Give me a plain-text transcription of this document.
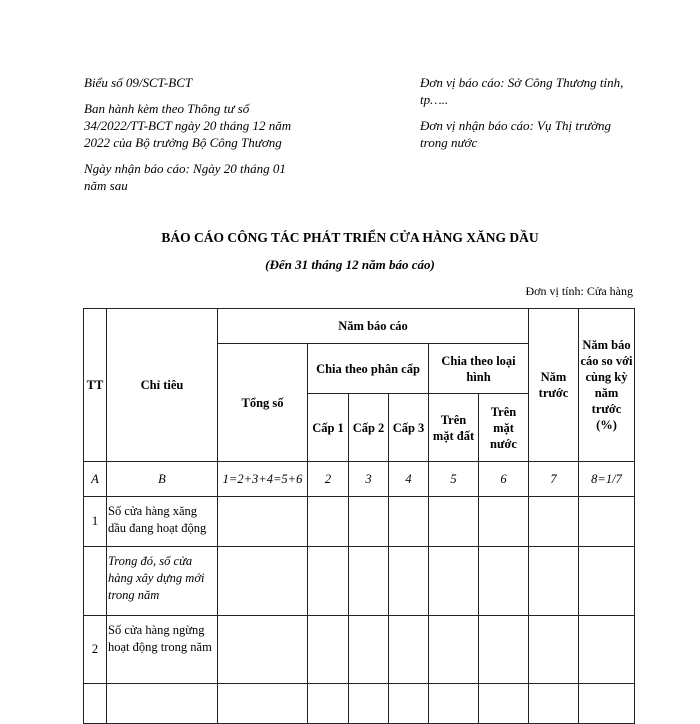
Biểu số 09/SCT-BCT

Ban hành kèm theo Thông tư số 34/2022/TT-BCT ngày 20 tháng 12 năm 2022 của Bộ trưởng Bộ Công Thương

Ngày nhận báo cáo: Ngày 20 tháng 01 năm sau

Đơn vị báo cáo: Sở Công Thương tỉnh, tp…..

Đơn vị nhận báo cáo: Vụ Thị trường trong nước

BÁO CÁO CÔNG TÁC PHÁT TRIỂN CỬA HÀNG XĂNG DẦU
(Đến 31 tháng 12 năm báo cáo)
Đơn vị tính: Cửa hàng
TT	Chỉ tiêu	Năm báo cáo						Năm trước	Năm báo cáo so với cùng kỳ năm trước (%)
		Tổng số	Chia theo phân cấp			Chia theo loại hình			
			Cấp 1	Cấp 2	Cấp 3	Trên mặt đất	Trên mặt nước		
A	B	1=2+3+4=5+6	2	3	4	5	6	7	8=1/7
1	Số cửa hàng xăng dầu đang hoạt động								
	Trong đó, số cửa hàng xây dựng mới trong năm								
2	Số cửa hàng ngừng hoạt động trong năm								
